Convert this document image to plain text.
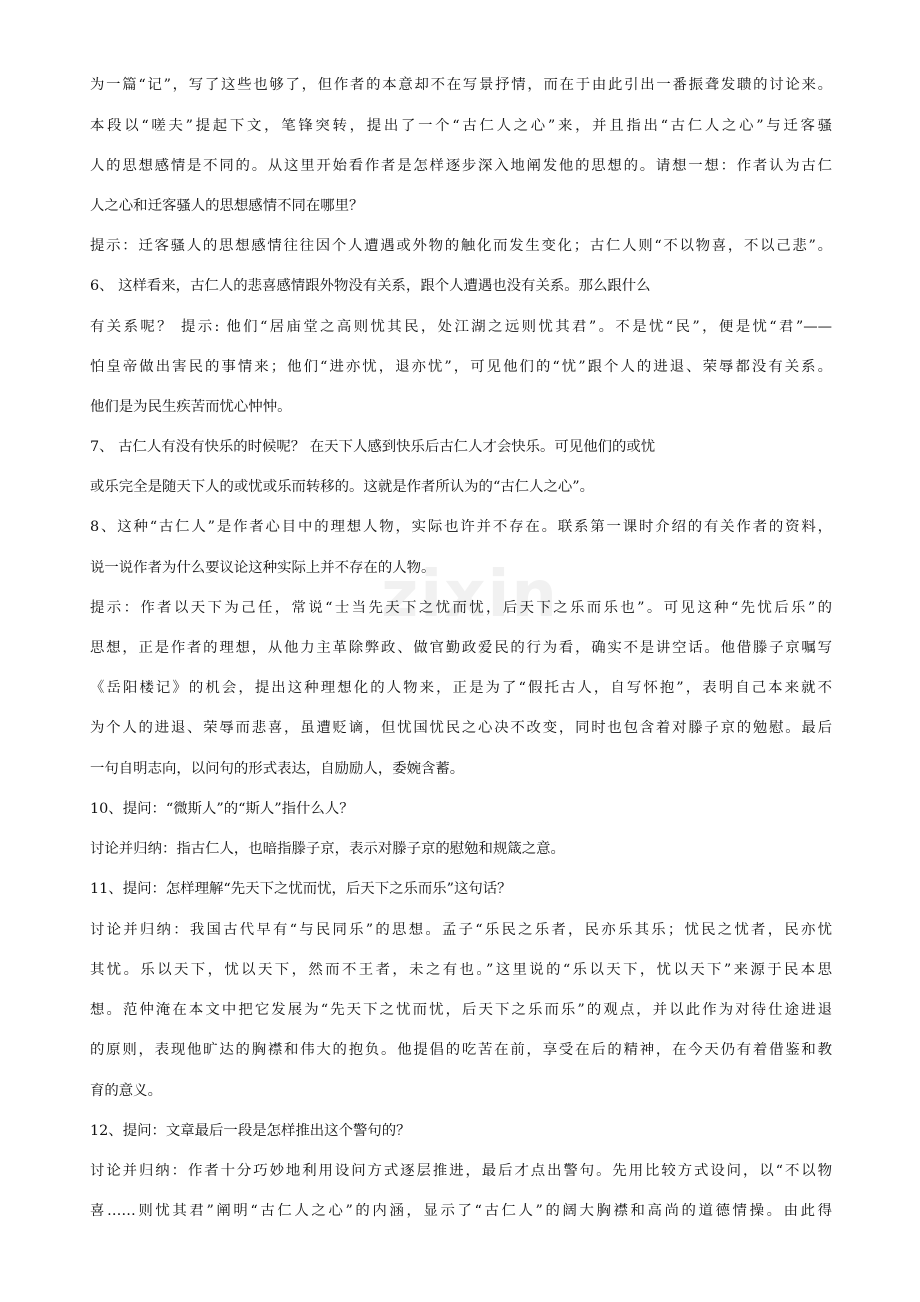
zixin
为一篇“记”，写了这些也够了，但作者的本意却不在写景抒情，而在于由此引出一番振聋发聩的讨论来。
本段以“嗟夫”提起下文，笔锋突转，提出了一个“古仁人之心”来，并且指出“古仁人之心”与迁客骚
人的思想感情是不同的。从这里开始看作者是怎样逐步深入地阐发他的思想的。请想一想：作者认为古仁
人之心和迁客骚人的思想感情不同在哪里？
提示：迁客骚人的思想感情往往因个人遭遇或外物的触化而发生变化；古仁人则“不以物喜，不以己悲”。
6、 这样看来，古仁人的悲喜感情跟外物没有关系，跟个人遭遇也没有关系。那么跟什么
有关系呢？ 提示: 他们“居庙堂之高则忧其民，处江湖之远则忧其君”。不是忧“民”，便是忧“君”——
怕皇帝做出害民的事情来；他们“进亦忧，退亦忧”，可见他们的“忧”跟个人的进退、荣辱都没有关系。
他们是为民生疾苦而忧心忡忡。
7、 古仁人有没有快乐的时候呢？ 在天下人感到快乐后古仁人才会快乐。可见他们的或忧
或乐完全是随天下人的或忧或乐而转移的。这就是作者所认为的“古仁人之心”。
8、这种“古仁人”是作者心目中的理想人物，实际也许并不存在。联系第一课时介绍的有关作者的资料，
说一说作者为什么要议论这种实际上并不存在的人物。
提示：作者以天下为己任，常说“士当先天下之忧而忧，后天下之乐而乐也”。可见这种“先忧后乐”的
思想，正是作者的理想，从他力主革除弊政、做官勤政爱民的行为看，确实不是讲空话。他借滕子京嘱写
《岳阳楼记》的机会，提出这种理想化的人物来，正是为了“假托古人，自写怀抱”，表明自己本来就不
为个人的进退、荣辱而悲喜，虽遭贬谪，但忧国忧民之心决不改变，同时也包含着对滕子京的勉慰。最后
一句自明志向，以问句的形式表达，自励励人，委婉含蓄。
10、提问：“微斯人”的“斯人”指什么人？
讨论并归纳：指古仁人，也暗指滕子京，表示对滕子京的慰勉和规箴之意。
11、提问：怎样理解“先天下之忧而忧，后天下之乐而乐”这句话？
讨论并归纳：我国古代早有“与民同乐”的思想。孟子“乐民之乐者，民亦乐其乐；忧民之忧者，民亦忧
其忧。乐以天下，忧以天下，然而不王者，未之有也。”这里说的“乐以天下，忧以天下”来源于民本思
想。范仲淹在本文中把它发展为“先天下之忧而忧，后天下之乐而乐”的观点，并以此作为对待仕途进退
的原则，表现他旷达的胸襟和伟大的抱负。他提倡的吃苦在前，享受在后的精神，在今天仍有着借鉴和教
育的意义。
12、提问：文章最后一段是怎样推出这个警句的？
讨论并归纳：作者十分巧妙地利用设问方式逐层推进，最后才点出警句。先用比较方式设问，以“不以物
喜……则忧其君”阐明“古仁人之心”的内涵，显示了“古仁人”的阔大胸襟和高尚的道德情操。由此得
